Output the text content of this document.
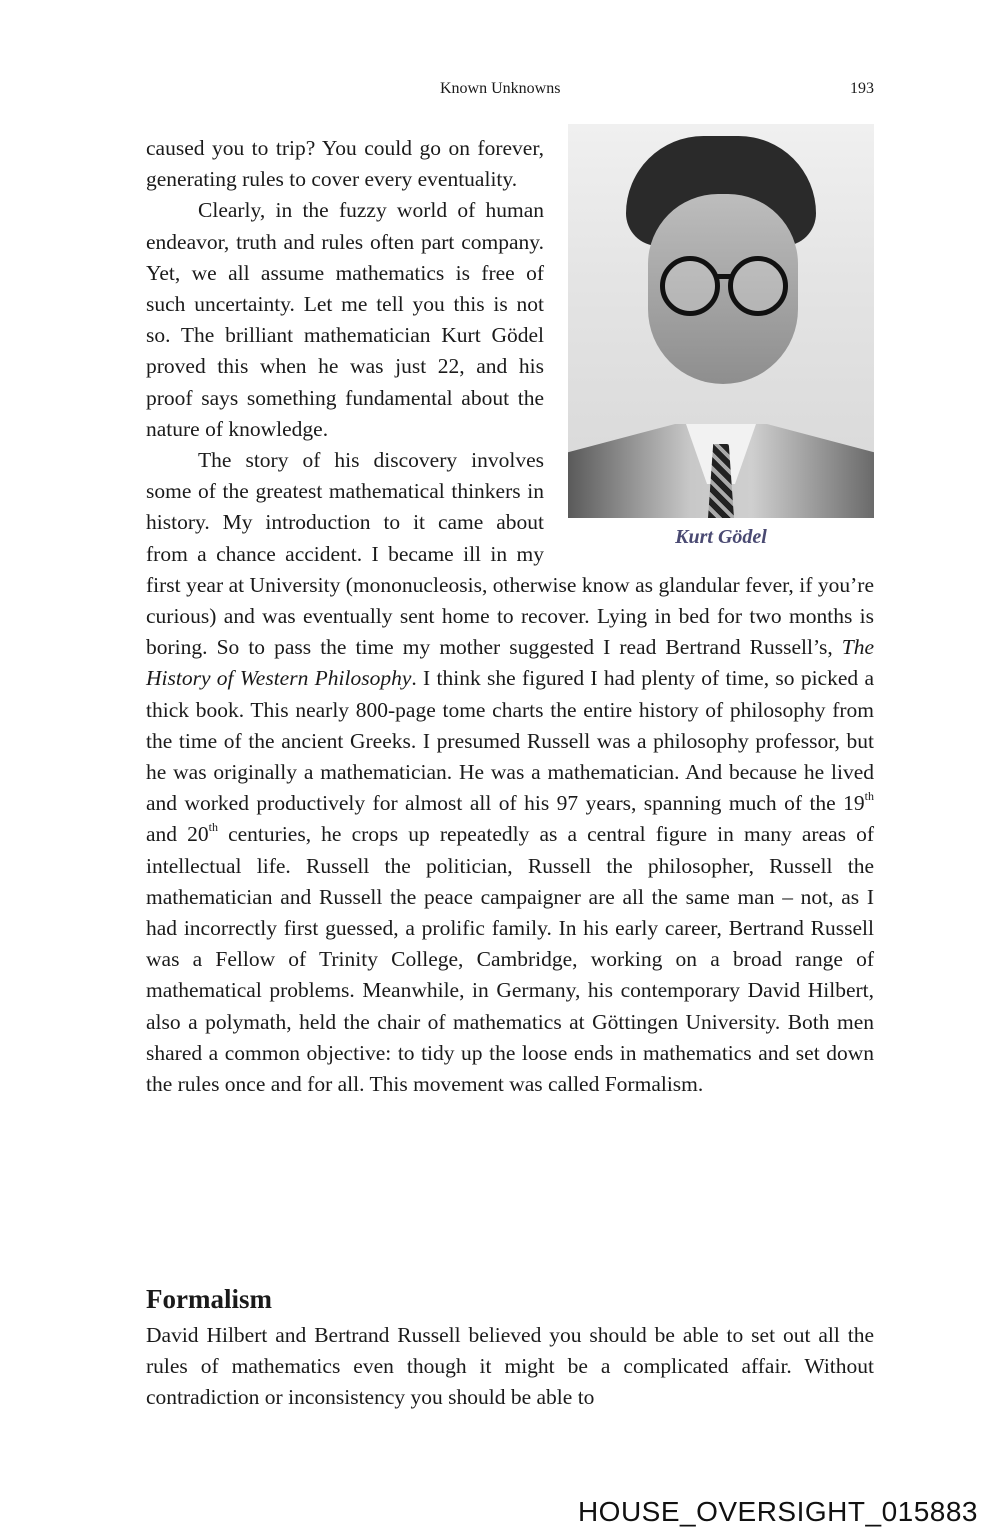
Known Unknowns	193
Kurt Gödel

caused you to trip? You could go on forever, generating rules to cover every eventuality.

Clearly, in the fuzzy world of human endeavor, truth and rules often part company. Yet, we all assume mathematics is free of such uncertainty. Let me tell you this is not so. The brilliant mathematician Kurt Gödel proved this when he was just 22, and his proof says something fundamental about the nature of knowledge.

The story of his discovery involves some of the greatest mathematical thinkers in history. My introduction to it came about from a chance accident. I became ill in my first year at University (mononucleosis, otherwise know as glandular fever, if you’re curious) and was eventually sent home to recover. Lying in bed for two months is boring. So to pass the time my mother suggested I read Bertrand Russell’s, The History of Western Philosophy. I think she figured I had plenty of time, so picked a thick book. This nearly 800-page tome charts the entire history of philosophy from the time of the ancient Greeks. I presumed Russell was a philosophy professor, but he was originally a mathematician. He was a mathematician. And because he lived and worked productively for almost all of his 97 years, spanning much of the 19th and 20th centuries, he crops up repeatedly as a central figure in many areas of intellectual life. Russell the politician, Russell the philosopher, Russell the mathematician and Russell the peace campaigner are all the same man – not, as I had incorrectly first guessed, a prolific family. In his early career, Bertrand Russell was a Fellow of Trinity College, Cambridge, working on a broad range of mathematical problems. Meanwhile, in Germany, his contemporary David Hilbert, also a polymath, held the chair of mathematics at Göttingen University. Both men shared a common objective: to tidy up the loose ends in mathematics and set down the rules once and for all. This movement was called Formalism.

Formalism

David Hilbert and Bertrand Russell believed you should be able to set out all the rules of mathematics even though it might be a complicated affair. Without contradiction or inconsistency you should be able to

HOUSE_OVERSIGHT_015883
